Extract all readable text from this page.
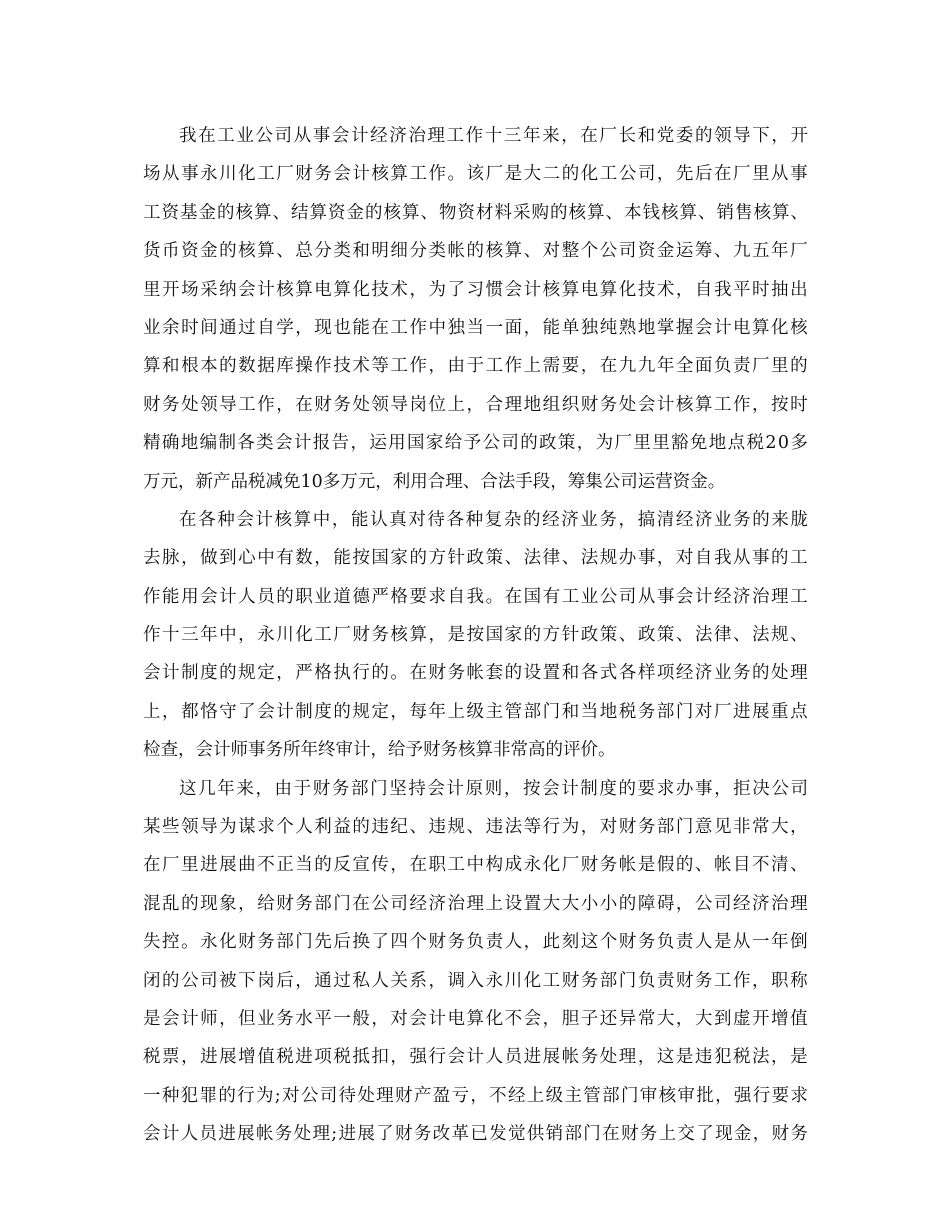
我 在 工 业 公 司 从 事 会 计 经 济 治 理 工 作 十 三 年 来 ， 在 厂 长 和 党 委 的 领 导 下 ， 开
场 从 事 永 川 化 工 厂 财 务 会 计 核 算 工 作 。 该 厂 是 大 二 的 化 工 公 司 ， 先 后 在 厂 里 从 事
工 资 基 金 的 核 算 、 结 算 资 金 的 核 算 、 物 资 材 料 采 购 的 核 算 、 本 钱 核 算 、 销 售 核 算 、
货 币 资 金 的 核 算 、 总 分 类 和 明 细 分 类 帐 的 核 算 、 对 整 个 公 司 资 金 运 筹 、 九 五 年 厂
里 开 场 采 纳 会 计 核 算 电 算 化 技 术 ， 为 了 习 惯 会 计 核 算 电 算 化 技 术 ， 自 我 平 时 抽 出
业 余 时 间 通 过 自 学 ， 现 也 能 在 工 作 中 独 当 一 面 ， 能 单 独 纯 熟 地 掌 握 会 计 电 算 化 核
算 和 根 本 的 数 据 库 操 作 技 术 等 工 作 ， 由 于 工 作 上 需 要 ， 在 九 九 年 全 面 负 责 厂 里 的
财 务 处 领 导 工 作 ， 在 财 务 处 领 导 岗 位 上 ， 合 理 地 组 织 财 务 处 会 计 核 算 工 作 ， 按 时
精 确 地 编 制 各 类 会 计 报 告 ， 运 用 国 家 给 予 公 司 的 政 策 ， 为 厂 里 里 豁 免 地 点 税 2 0 多
万元，新产品税减免10多万元，利用合理、合法手段，筹集公司运营资金。
在 各 种 会 计 核 算 中 ， 能 认 真 对 待 各 种 复 杂 的 经 济 业 务 ， 搞 清 经 济 业 务 的 来 胧
去 脉 ， 做 到 心 中 有 数 ， 能 按 国 家 的 方 针 政 策 、 法 律 、 法 规 办 事 ， 对 自 我 从 事 的 工
作 能 用 会 计 人 员 的 职 业 道 德 严 格 要 求 自 我 。 在 国 有 工 业 公 司 从 事 会 计 经 济 治 理 工
作 十 三 年 中 ， 永 川 化 工 厂 财 务 核 算 ， 是 按 国 家 的 方 针 政 策 、 政 策 、 法 律 、 法 规 、
会 计 制 度 的 规 定 ， 严 格 执 行 的 。 在 财 务 帐 套 的 设 置 和 各 式 各 样 项 经 济 业 务 的 处 理
上 ， 都 恪 守 了 会 计 制 度 的 规 定 ， 每 年 上 级 主 管 部 门 和 当 地 税 务 部 门 对 厂 进 展 重 点
检查，会计师事务所年终审计，给予财务核算非常高的评价。
这 几 年 来 ， 由 于 财 务 部 门 坚 持 会 计 原 则 ， 按 会 计 制 度 的 要 求 办 事 ， 拒 决 公 司
某 些 领 导 为 谋 求 个 人 利 益 的 违 纪 、 违 规 、 违 法 等 行 为 ， 对 财 务 部 门 意 见 非 常 大 ，
在 厂 里 进 展 曲 不 正 当 的 反 宣 传 ， 在 职 工 中 构 成 永 化 厂 财 务 帐 是 假 的 、 帐 目 不 清 、
混 乱 的 现 象 ， 给 财 务 部 门 在 公 司 经 济 治 理 上 设 置 大 大 小 小 的 障 碍 ， 公 司 经 济 治 理
失 控 。 永 化 财 务 部 门 先 后 换 了 四 个 财 务 负 责 人 ， 此 刻 这 个 财 务 负 责 人 是 从 一 年 倒
闭 的 公 司 被 下 岗 后 ， 通 过 私 人 关 系 ， 调 入 永 川 化 工 财 务 部 门 负 责 财 务 工 作 ， 职 称
是 会 计 师 ， 但 业 务 水 平 一 般 ， 对 会 计 电 算 化 不 会 ， 胆 子 还 异 常 大 ， 大 到 虚 开 增 值
税 票 ， 进 展 增 值 税 进 项 税 抵 扣 ， 强 行 会 计 人 员 进 展 帐 务 处 理 ， 这 是 违 犯 税 法 ， 是
一 种 犯 罪 的 行 为 ; 对 公 司 待 处 理 财 产 盈 亏 ， 不 经 上 级 主 管 部 门 审 核 审 批 ， 强 行 要 求
会 计 人 员 进 展 帐 务 处 理 ; 进 展 了 财 务 改 革 已 发 觉 供 销 部 门 在 财 务 上 交 了 现 金 ， 财 务
